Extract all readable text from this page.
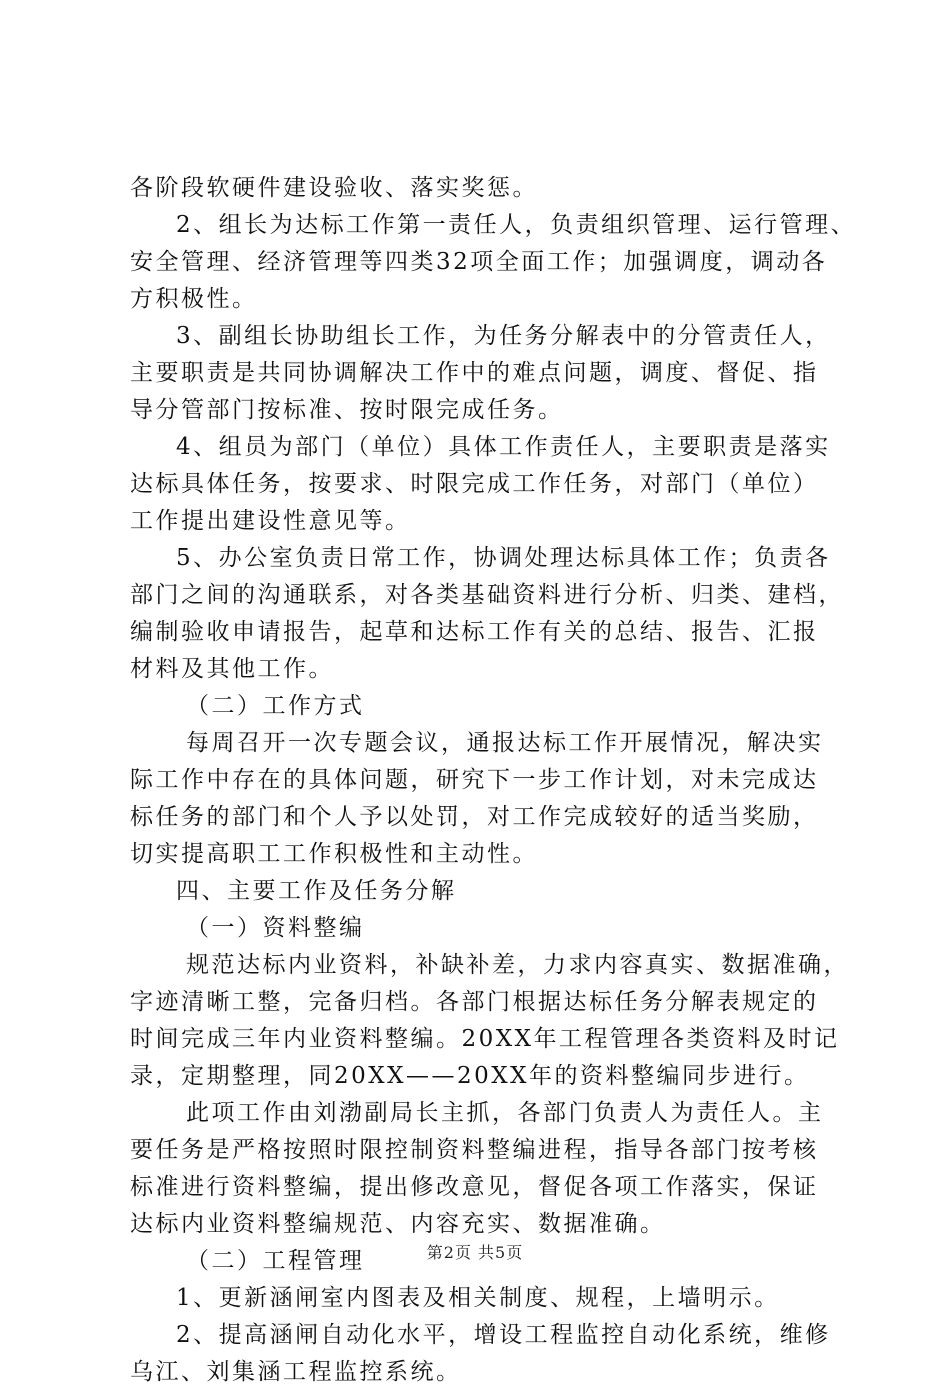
各阶段软硬件建设验收、落实奖惩。
2、组长为达标工作第一责任人，负责组织管理、运行管理、
安全管理、经济管理等四类32项全面工作；加强调度，调动各
方积极性。
3、副组长协助组长工作，为任务分解表中的分管责任人，
主要职责是共同协调解决工作中的难点问题，调度、督促、指
导分管部门按标准、按时限完成任务。
4、组员为部门（单位）具体工作责任人，主要职责是落实
达标具体任务，按要求、时限完成工作任务，对部门（单位）
工作提出建设性意见等。
5、办公室负责日常工作，协调处理达标具体工作；负责各
部门之间的沟通联系，对各类基础资料进行分析、归类、建档，
编制验收申请报告，起草和达标工作有关的总结、报告、汇报
材料及其他工作。
（二）工作方式
每周召开一次专题会议，通报达标工作开展情况，解决实
际工作中存在的具体问题，研究下一步工作计划，对未完成达
标任务的部门和个人予以处罚，对工作完成较好的适当奖励，
切实提高职工工作积极性和主动性。
四、主要工作及任务分解
（一）资料整编
规范达标内业资料，补缺补差，力求内容真实、数据准确，
字迹清晰工整，完备归档。各部门根据达标任务分解表规定的
时间完成三年内业资料整编。20XX年工程管理各类资料及时记
录，定期整理，同20XX——20XX年的资料整编同步进行。
此项工作由刘渤副局长主抓，各部门负责人为责任人。主
要任务是严格按照时限控制资料整编进程，指导各部门按考核
标准进行资料整编，提出修改意见，督促各项工作落实，保证
达标内业资料整编规范、内容充实、数据准确。
（二）工程管理
1、更新涵闸室内图表及相关制度、规程，上墙明示。
2、提高涵闸自动化水平，增设工程监控自动化系统，维修
乌江、刘集涵工程监控系统。
第2页 共5页
